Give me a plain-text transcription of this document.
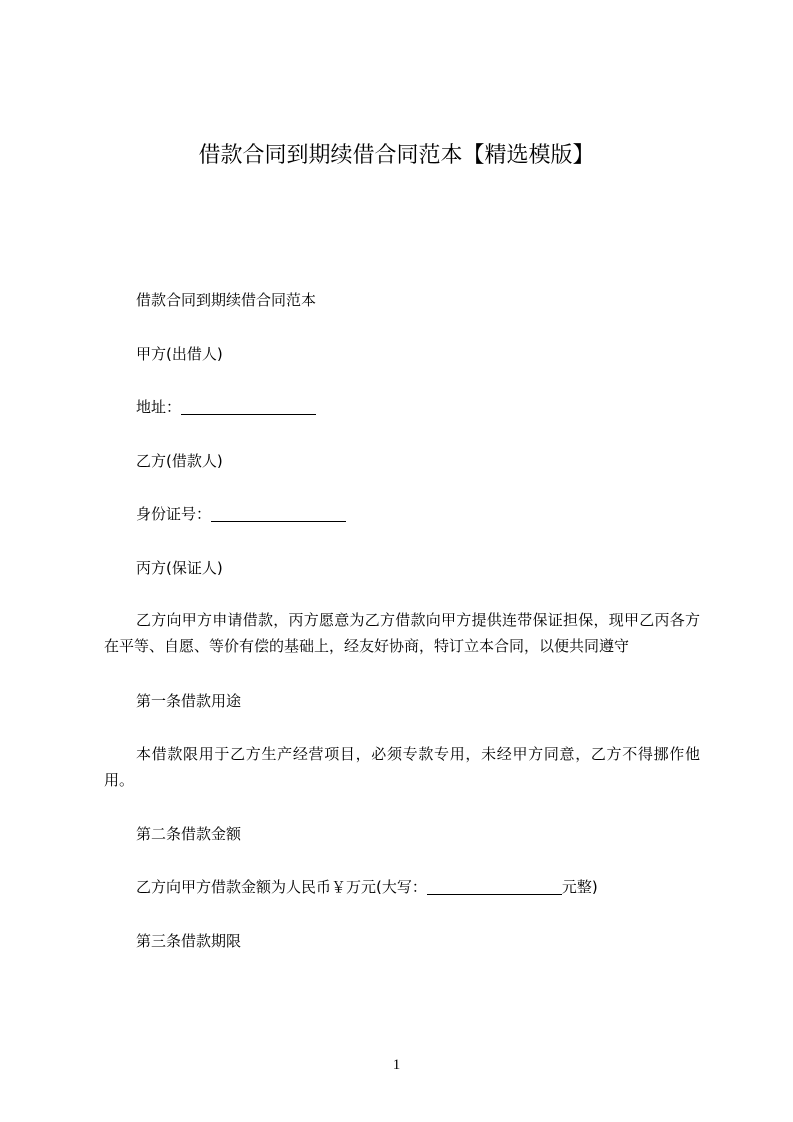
借款合同到期续借合同范本【精选模版】
借款合同到期续借合同范本
甲方(出借人)
地址：
乙方(借款人)
身份证号：
丙方(保证人)
乙方向甲方申请借款，丙方愿意为乙方借款向甲方提供连带保证担保，现甲乙丙各方在平等、自愿、等价有偿的基础上，经友好协商，特订立本合同，以便共同遵守
第一条借款用途
本借款限用于乙方生产经营项目，必须专款专用，未经甲方同意，乙方不得挪作他用。
第二条借款金额
乙方向甲方借款金额为人民币￥万元(大写：	元整)
第三条借款期限
1
